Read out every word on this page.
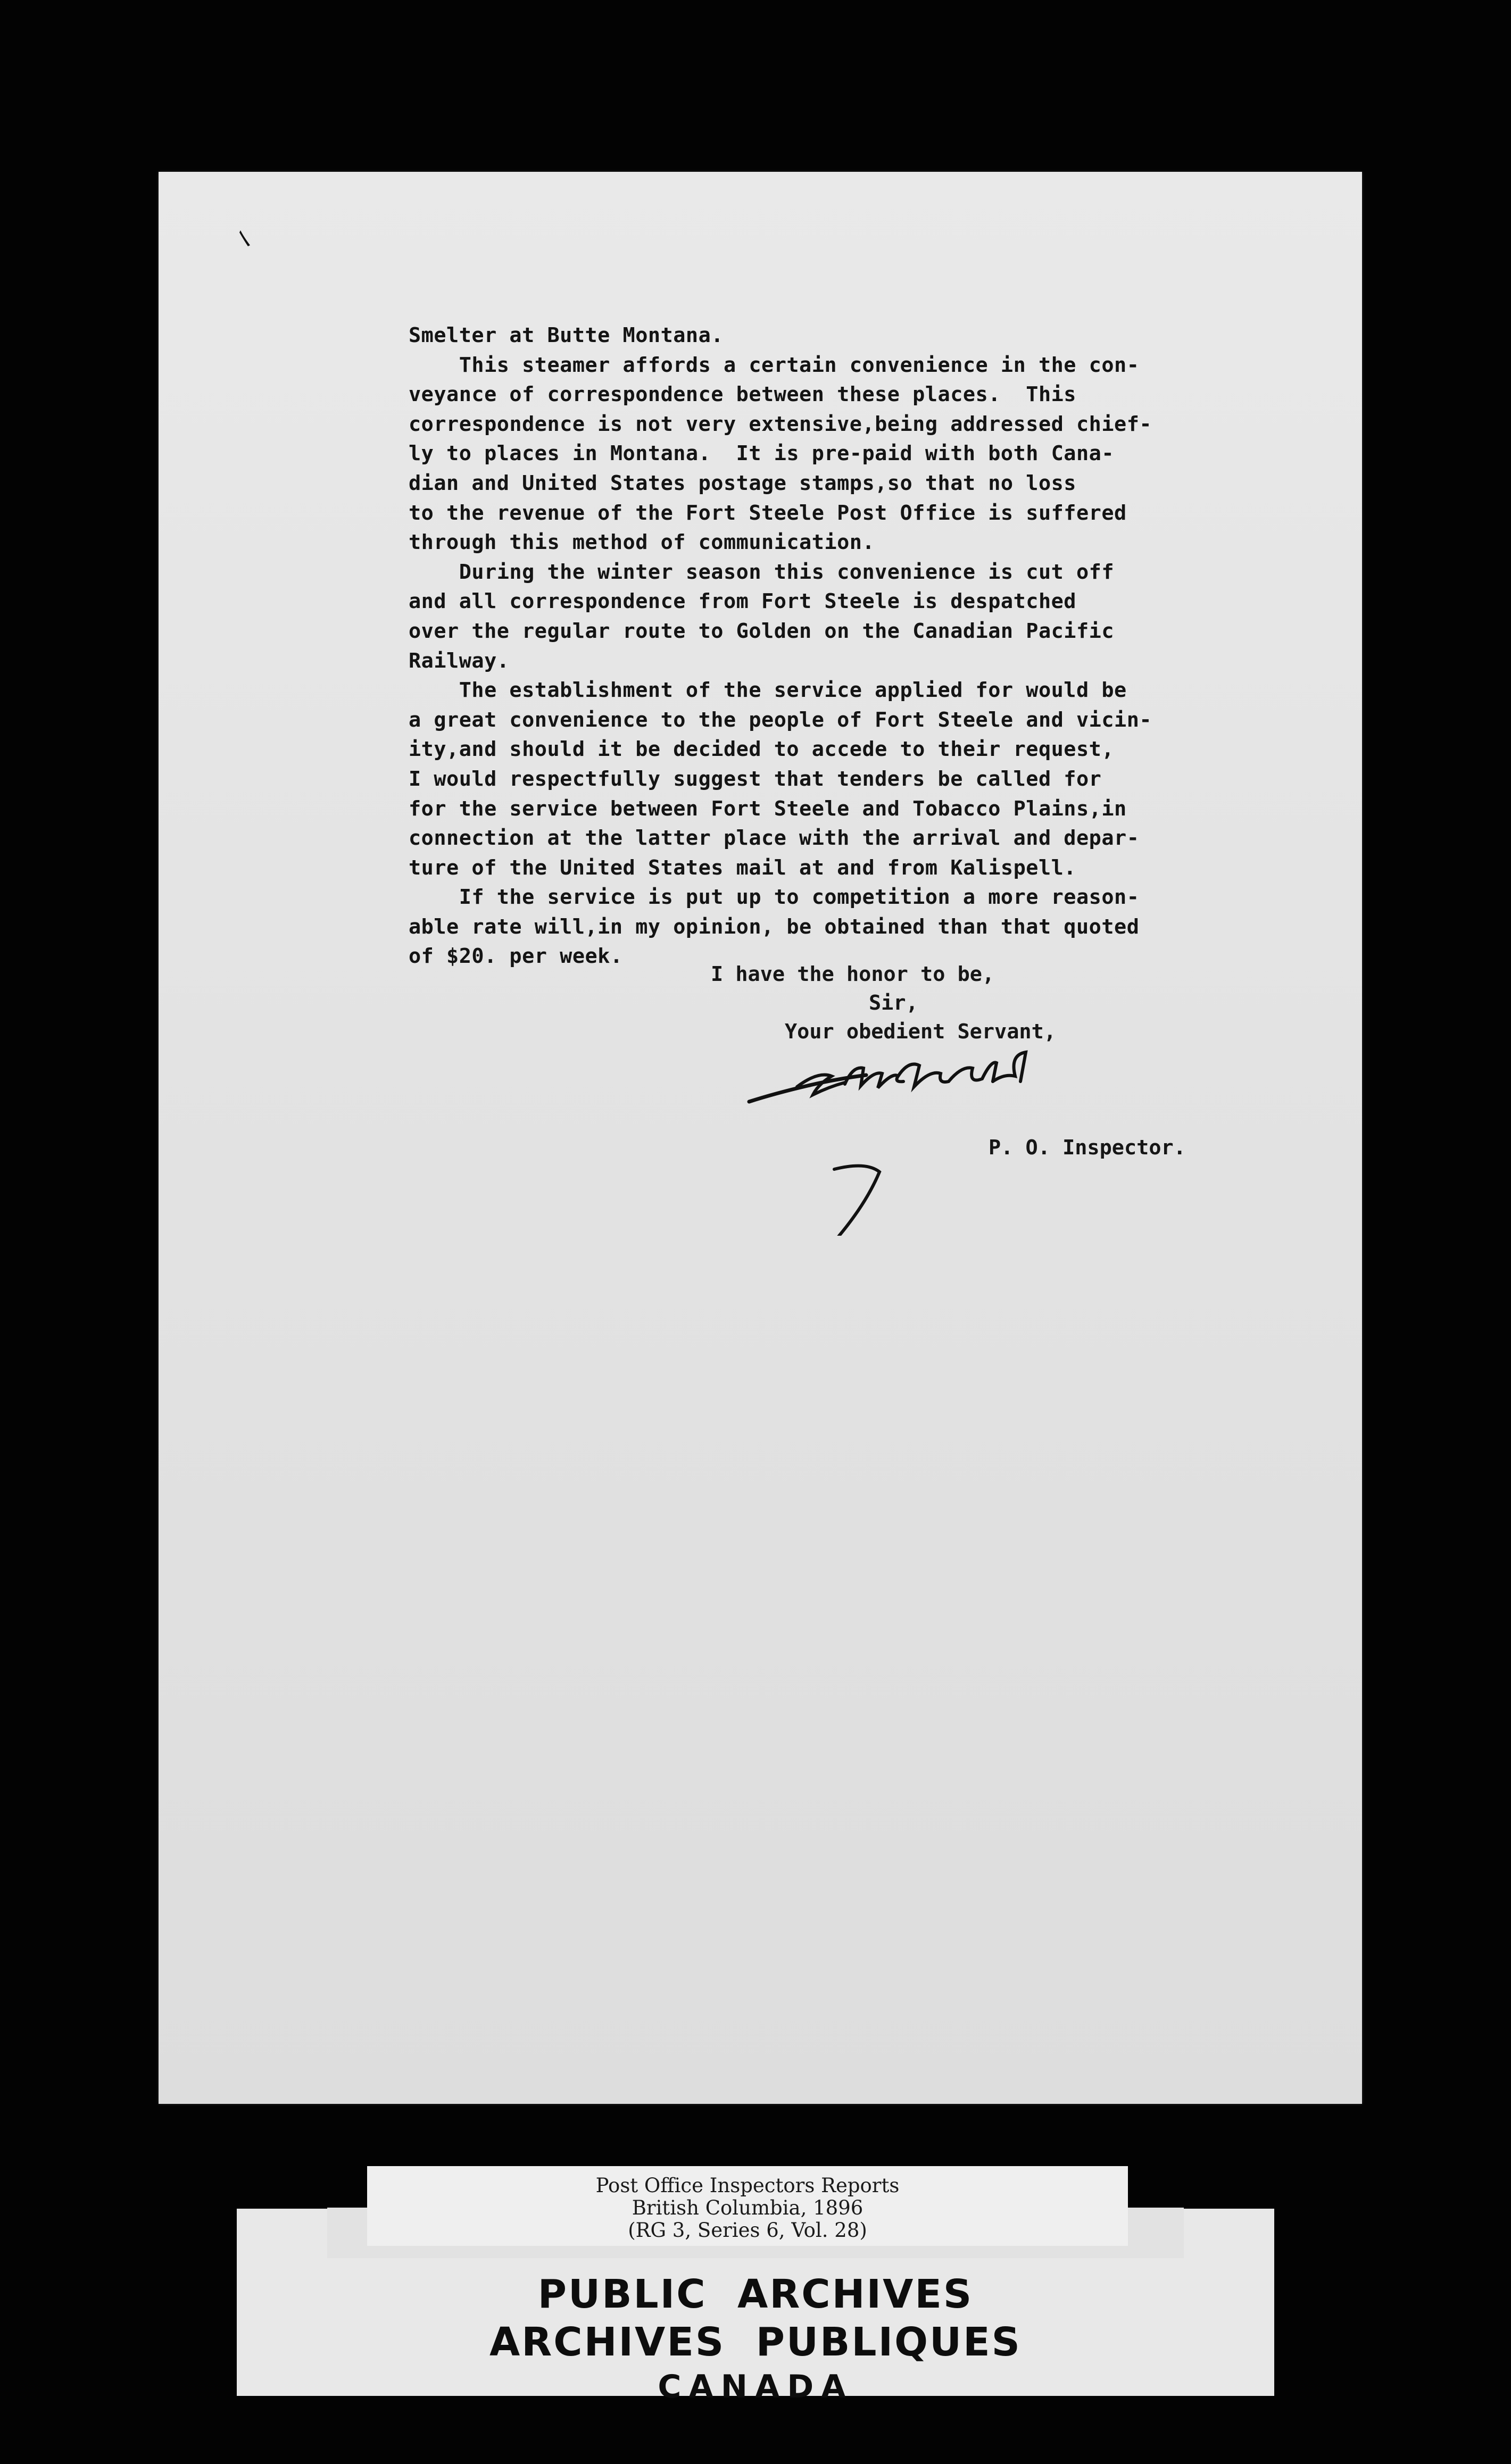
Smelter at Butte Montana.
This steamer affords a certain convenience in the con-
veyance of correspondence between these places.  This
correspondence is not very extensive,being addressed chief-
ly to places in Montana.  It is pre-paid with both Cana-
dian and United States postage stamps,so that no loss
to the revenue of the Fort Steele Post Office is suffered
through this method of communication.
During the winter season this convenience is cut off
and all correspondence from Fort Steele is despatched
over the regular route to Golden on the Canadian Pacific
Railway.
The establishment of the service applied for would be
a great convenience to the people of Fort Steele and vicin-
ity,and should it be decided to accede to their request,
I would respectfully suggest that tenders be called for
for the service between Fort Steele and Tobacco Plains,in
connection at the latter place with the arrival and depar-
ture of the United States mail at and from Kalispell.
If the service is put up to competition a more reason-
able rate will,in my opinion, be obtained than that quoted
of $20. per week.
I have the honor to be,
Sir,
Your obedient Servant,
P. O. Inspector.
PUBLIC  ARCHIVES
ARCHIVES  PUBLIQUES
CANADA
Post Office Inspectors Reports
British Columbia, 1896
(RG 3, Series 6, Vol. 28)
